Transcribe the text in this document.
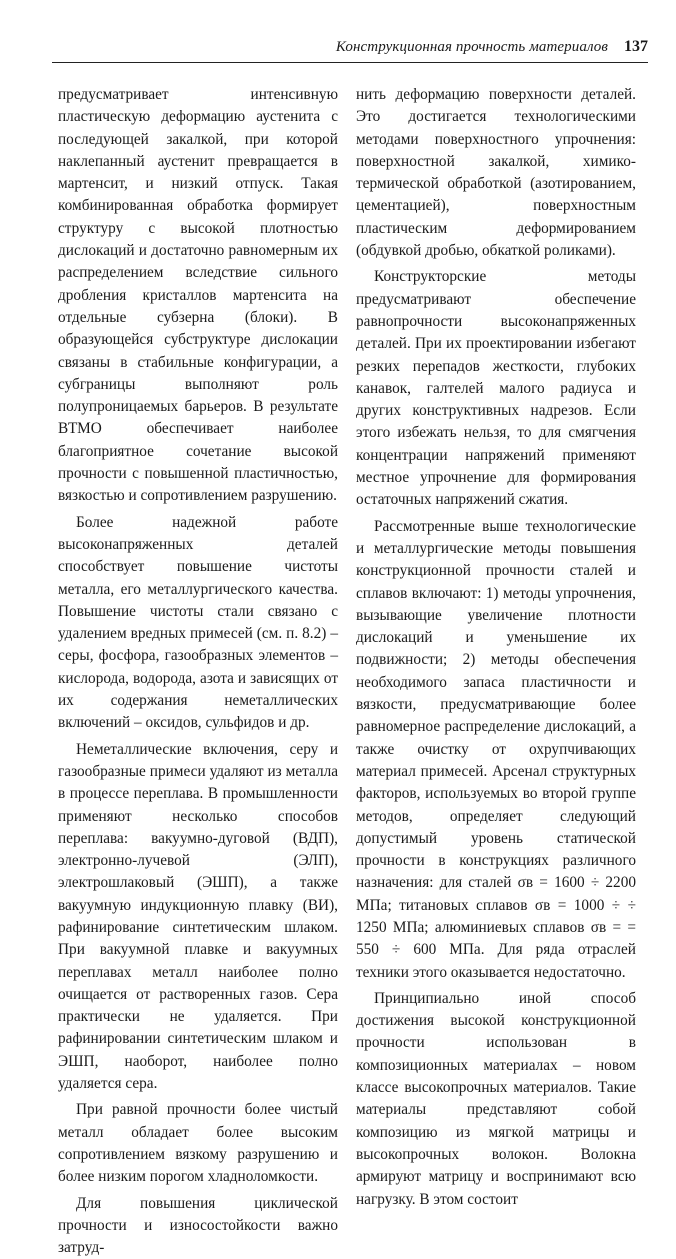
Конструкционная прочность материалов 137

предусматривает интенсивную пластическую деформацию аустенита с последующей закалкой, при которой наклепанный аустенит превращается в мартенсит, и низкий отпуск. Такая комбинированная обработка формирует структуру с высокой плотностью дислокаций и достаточно равномерным их распределением вследствие сильного дробления кристаллов мартенсита на отдельные субзерна (блоки). В образующейся субструктуре дислокации связаны в стабильные конфигурации, а субграницы выполняют роль полупроницаемых барьеров. В результате ВТМО обеспечивает наиболее благоприятное сочетание высокой прочности с повышенной пластичностью, вязкостью и сопротивлением разрушению.

Более надежной работе высоконапряженных деталей способствует повышение чистоты металла, его металлургического качества. Повышение чистоты стали связано с удалением вредных примесей (см. п. 8.2) – серы, фосфора, газообразных элементов – кислорода, водорода, азота и зависящих от их содержания неметаллических включений – оксидов, сульфидов и др.

Неметаллические включения, серу и газообразные примеси удаляют из металла в процессе переплава. В промышленности применяют несколько способов переплава: вакуумно-дуговой (ВДП), электронно-лучевой (ЭЛП), электрошлаковый (ЭШП), а также вакуумную индукционную плавку (ВИ), рафинирование синтетическим шлаком. При вакуумной плавке и вакуумных переплавах металл наиболее полно очищается от растворенных газов. Сера практически не удаляется. При рафинировании синтетическим шлаком и ЭШП, наоборот, наиболее полно удаляется сера.

При равной прочности более чистый металл обладает более высоким сопротивлением вязкому разрушению и более низким порогом хладноломкости.

Для повышения циклической прочности и износостойкости важно затруд-

нить деформацию поверхности деталей. Это достигается технологическими методами поверхностного упрочнения: поверхностной закалкой, химико-термической обработкой (азотированием, цементацией), поверхностным пластическим деформированием (обдувкой дробью, обкаткой роликами).

Конструкторские методы предусматривают обеспечение равнопрочности высоконапряженных деталей. При их проектировании избегают резких перепадов жесткости, глубоких канавок, галтелей малого радиуса и других конструктивных надрезов. Если этого избежать нельзя, то для смягчения концентрации напряжений применяют местное упрочнение для формирования остаточных напряжений сжатия.

Рассмотренные выше технологические и металлургические методы повышения конструкционной прочности сталей и сплавов включают: 1) методы упрочнения, вызывающие увеличение плотности дислокаций и уменьшение их подвижности; 2) методы обеспечения необходимого запаса пластичности и вязкости, предусматривающие более равномерное распределение дислокаций, а также очистку от охрупчивающих материал примесей. Арсенал структурных факторов, используемых во второй группе методов, определяет следующий допустимый уровень статической прочности в конструкциях различного назначения: для сталей σв = 1600 ÷ 2200 МПа; титановых сплавов σв = 1000 ÷ ÷ 1250 МПа; алюминиевых сплавов σв = = 550 ÷ 600 МПа. Для ряда отраслей техники этого оказывается недостаточно.

Принципиально иной способ достижения высокой конструкционной прочности использован в композиционных материалах – новом классе высокопрочных материалов. Такие материалы представляют собой композицию из мягкой матрицы и высокопрочных волокон. Волокна армируют матрицу и воспринимают всю нагрузку. В этом состоит
